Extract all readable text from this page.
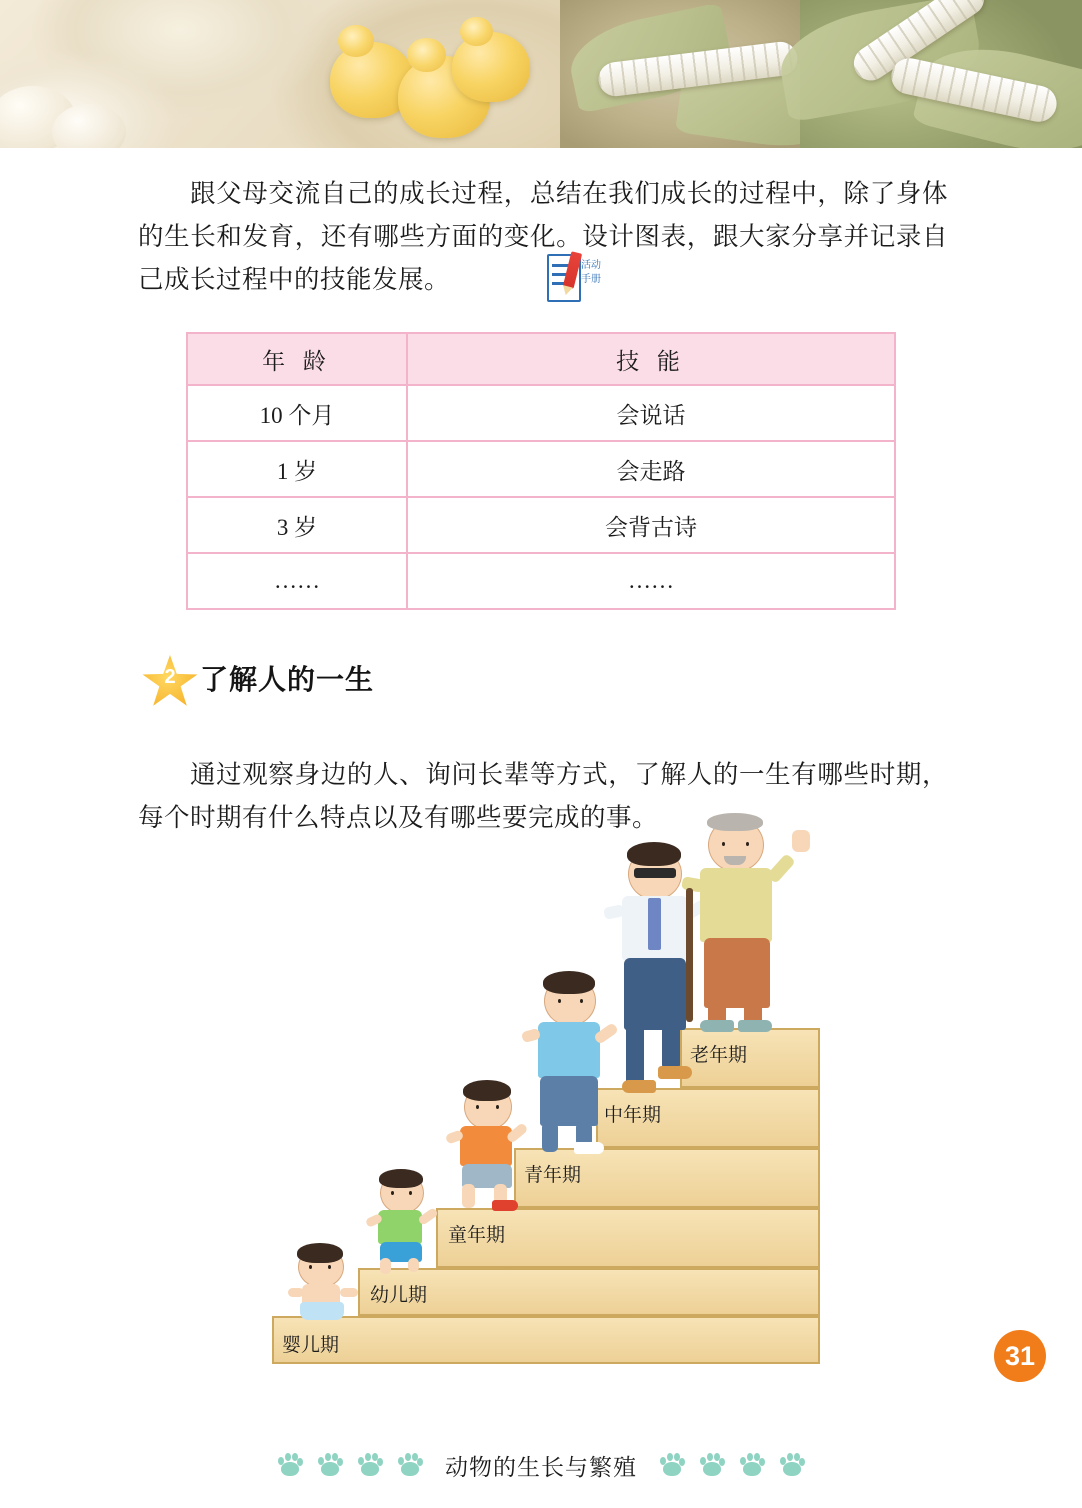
跟父母交流自己的成长过程，总结在我们成长的过程中，除了身体的生长和发育，还有哪些方面的变化。设计图表，跟大家分享并记录自己成长过程中的技能发展。	活动
手册
年 龄	技 能
10 个月	会说话
1 岁	会走路
3 岁	会背古诗
……	……
2 了解人的一生
通过观察身边的人、询问长辈等方式，了解人的一生有哪些时期，每个时期有什么特点以及有哪些要完成的事。
婴儿期
幼儿期
童年期
青年期
中年期
老年期
31
动物的生长与繁殖
